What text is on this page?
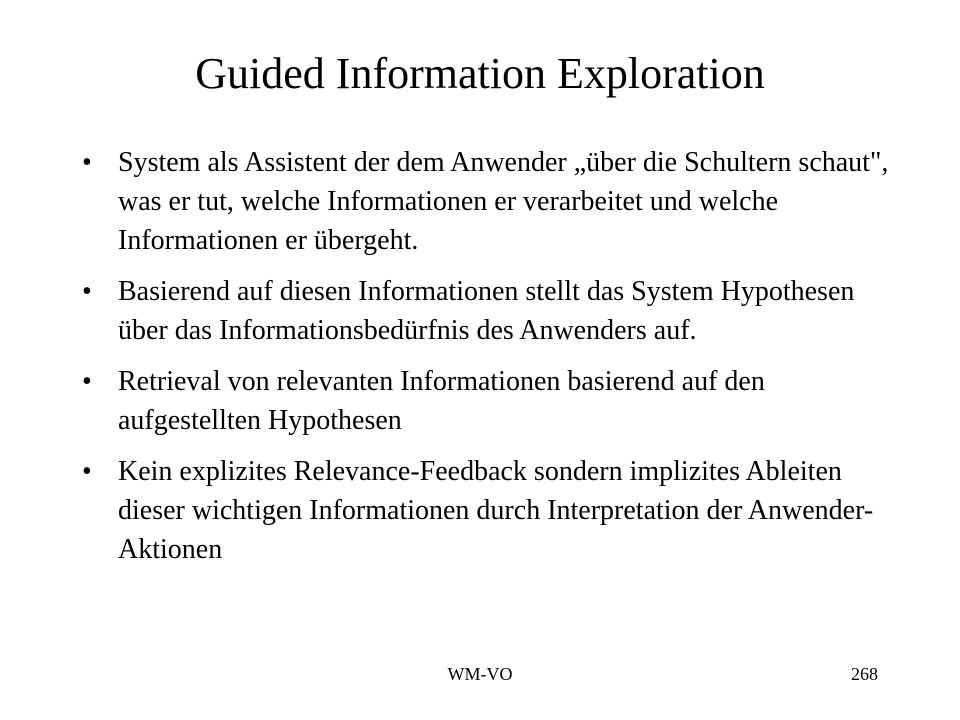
Guided Information Exploration
• System als Assistent der dem Anwender „über die Schultern schaut", was er tut, welche Informationen er verarbeitet und welche Informationen er übergeht.
• Basierend auf diesen Informationen stellt das System Hypothesen über das Informationsbedürfnis des Anwenders auf.
• Retrieval von relevanten Informationen basierend auf den aufgestellten Hypothesen
• Kein explizites Relevance-Feedback sondern implizites Ableiten dieser wichtigen Informationen durch Interpretation der Anwender-Aktionen
WM-VO	268
